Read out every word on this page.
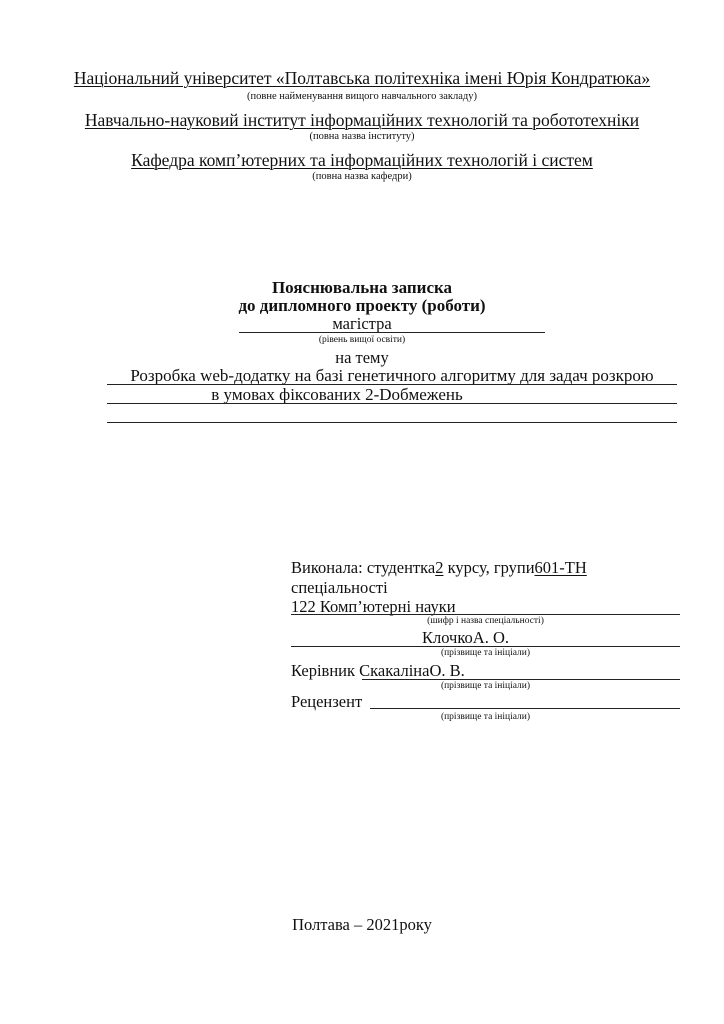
Національний університет «Полтавська політехніка імені Юрія Кондратюка»
(повне найменування вищого навчального закладу)
Навчально-науковий інститут інформаційних технологій та робототехніки
(повна назва інституту)
Кафедра комп’ютерних та інформаційних технологій і систем
(повна назва кафедри)
Пояснювальна записка
до дипломного проекту (роботи)
магістра
(рівень вищої освіти)
на тему
Розробка web-додатку на базі генетичного алгоритму для задач розкрою
в умовах фіксованих 2-Dобмежень
Виконала: студентка2 курсу, групи601-ТН
спеціальності
122 Комп’ютерні науки
(шифр і назва спеціальності)
КлочкоА. О.
(прізвище та ініціали)
Керівник СкакалінаО. В.
(прізвище та ініціали)
Рецензент
(прізвище та ініціали)
Полтава – 2021року
